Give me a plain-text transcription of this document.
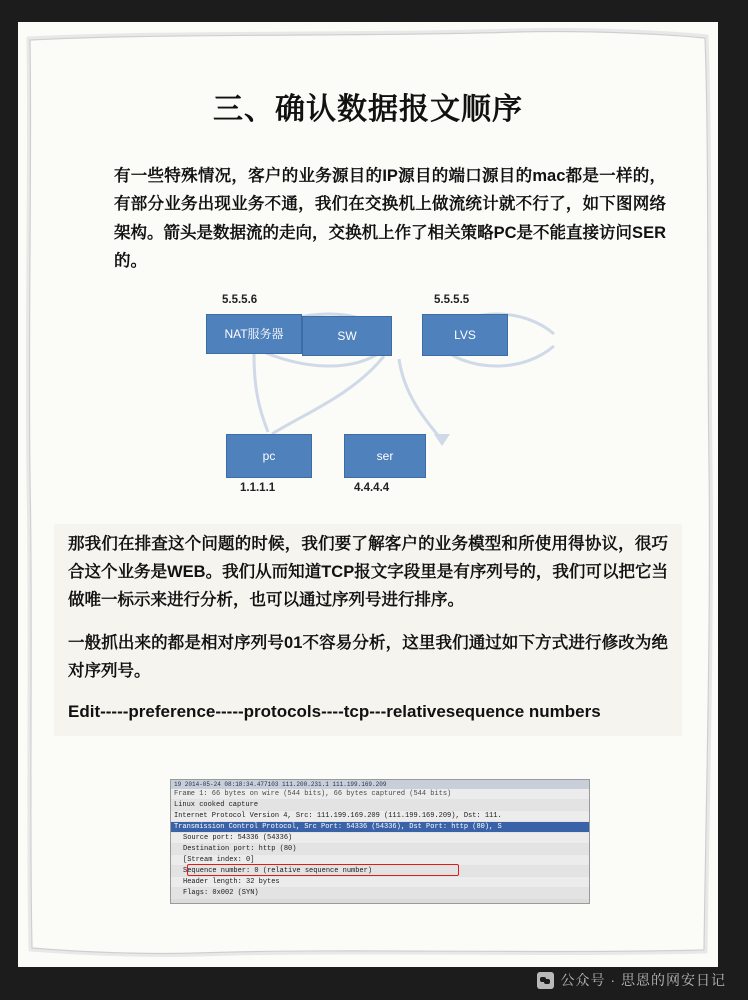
三、确认数据报文顺序

有一些特殊情况，客户的业务源目的IP源目的端口源目的mac都是一样的，有部分业务出现业务不通，我们在交换机上做流统计就不行了，如下图网络架构。箭头是数据流的走向，交换机上作了相关策略PC是不能直接访问SER的。

NAT服务器	SW	LVS
pc	ser
5.5.5.6	5.5.5.5
1.1.1.1	4.4.4.4

那我们在排查这个问题的时候，我们要了解客户的业务模型和所使用得协议，很巧合这个业务是WEB。我们从而知道TCP报文字段里是有序列号的，我们可以把它当做唯一标示来进行分析，也可以通过序列号进行排序。

一般抓出来的都是相对序列号01不容易分析，这里我们通过如下方式进行修改为绝对序列号。

Edit-----preference-----protocols----tcp---relativesequence numbers

19 2014-05-24 08:18:34.477103 111.200.231.1 111.199.169.209
Frame 1: 66 bytes on wire (544 bits), 66 bytes captured (544 bits)
Linux cooked capture
Internet Protocol Version 4, Src: 111.199.169.209 (111.199.169.209), Dst: 111.
Transmission Control Protocol, Src Port: 54336 (54336), Dst Port: http (80), S
Source port: 54336 (54336)
Destination port: http (80)
[Stream index: 0]
Sequence number: 0 (relative sequence number)
Header length: 32 bytes
Flags: 0x002 (SYN)
公众号 · 思恩的网安日记
